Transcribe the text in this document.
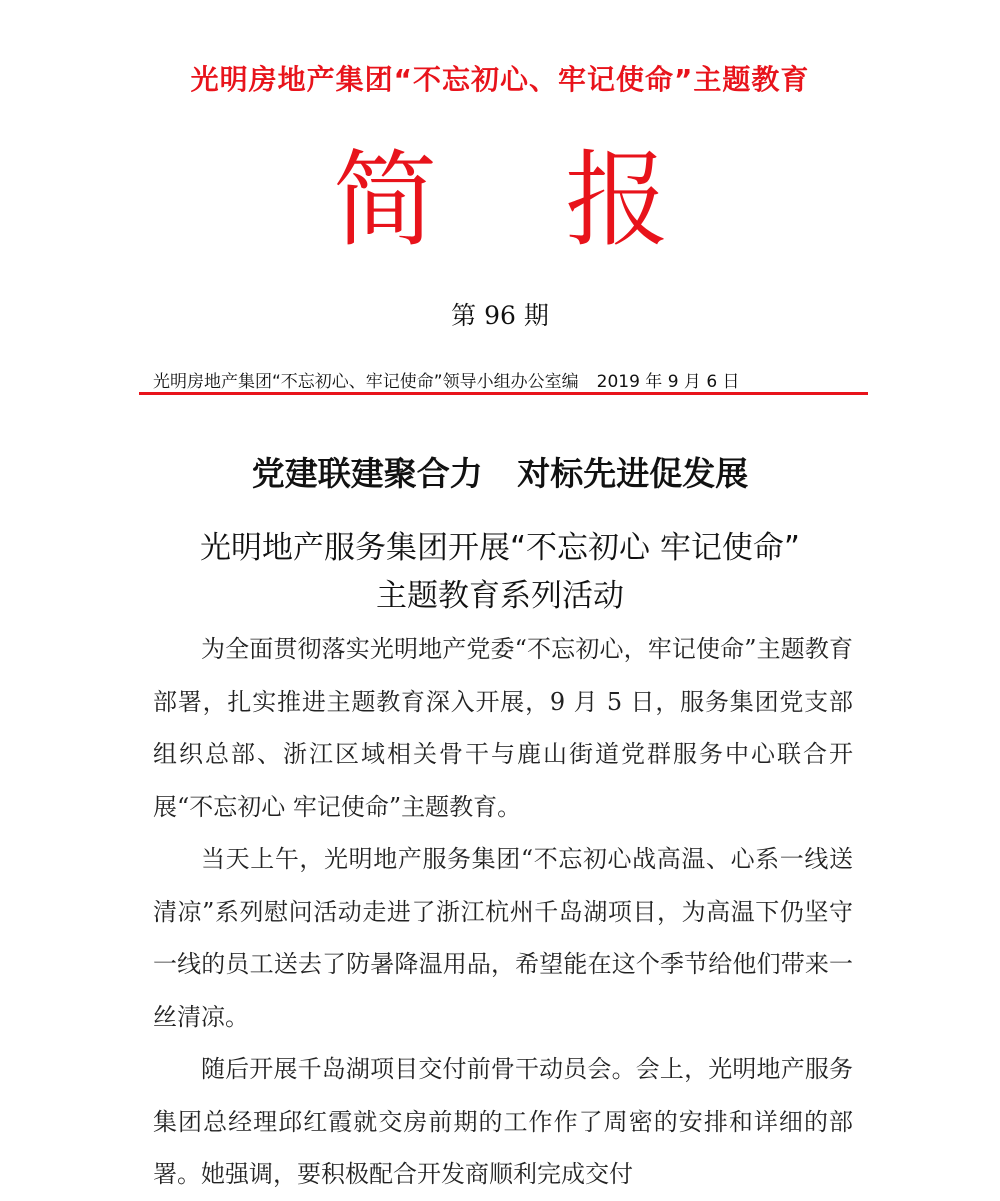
光明房地产集团“不忘初心、牢记使命”主题教育
简 报
第 96 期
光明房地产集团“不忘初心、牢记使命”领导小组办公室编 2019 年 9 月 6 日
党建联建聚合力   对标先进促发展
光明地产服务集团开展“不忘初心 牢记使命”
主题教育系列活动

为全面贯彻落实光明地产党委“不忘初心，牢记使命”主题教育部署，扎实推进主题教育深入开展，9 月 5 日，服务集团党支部组织总部、浙江区域相关骨干与鹿山街道党群服务中心联合开展“不忘初心 牢记使命”主题教育。

当天上午，光明地产服务集团“不忘初心战高温、心系一线送清凉”系列慰问活动走进了浙江杭州千岛湖项目，为高温下仍坚守一线的员工送去了防暑降温用品，希望能在这个季节给他们带来一丝清凉。

随后开展千岛湖项目交付前骨干动员会。会上，光明地产服务集团总经理邱红霞就交房前期的工作作了周密的安排和详细的部署。她强调，要积极配合开发商顺利完成交付
